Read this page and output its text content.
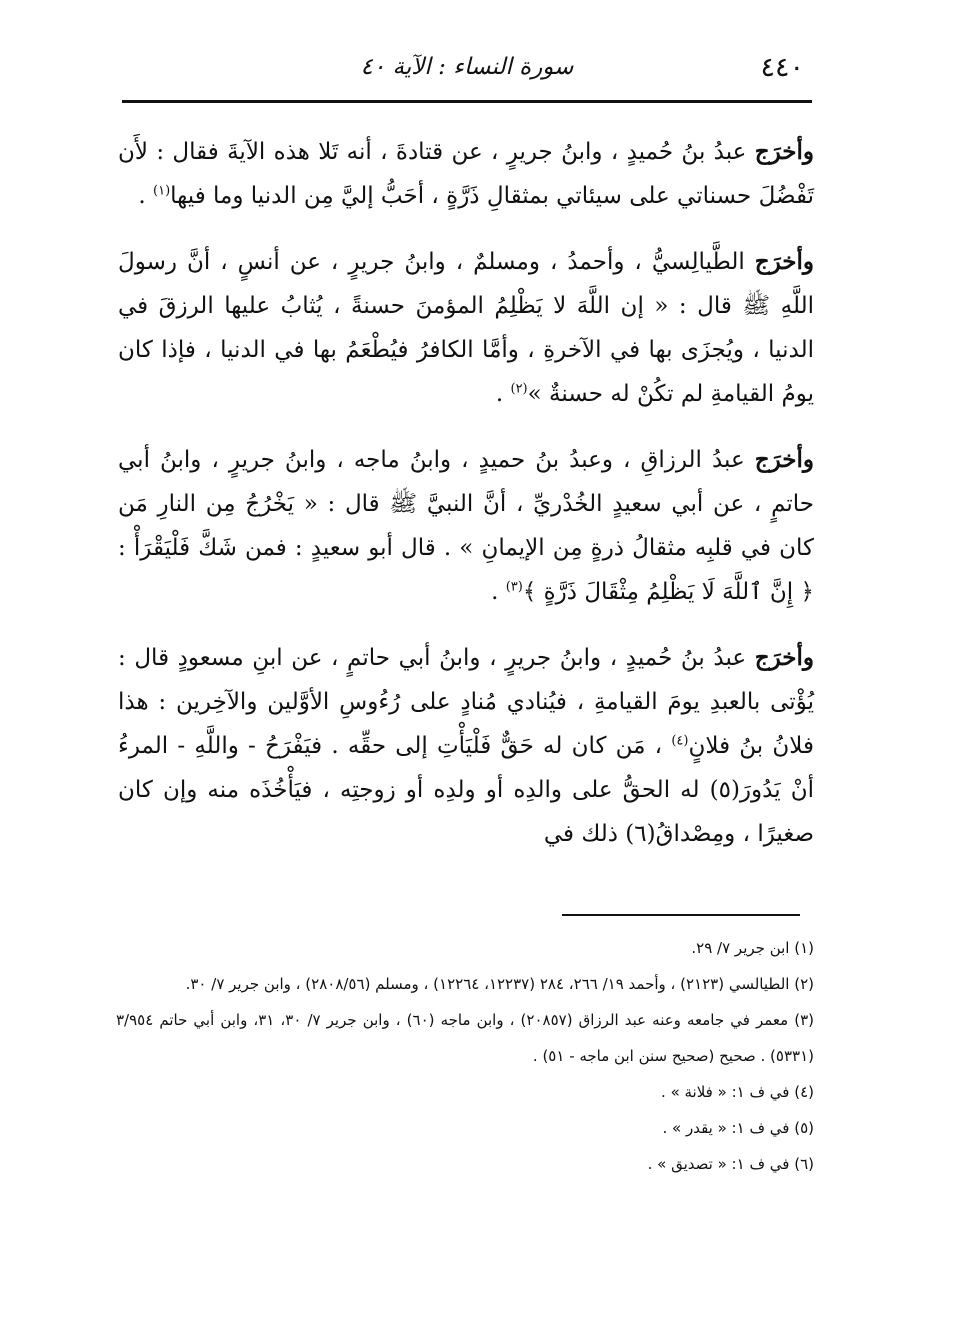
٤٤٠
سورة النساء : الآية ٤٠

وأخرَج عبدُ بنُ حُميدٍ ، وابنُ جريرٍ ، عن قتادةَ ، أنه تَلا هذه الآيةَ فقال : لأَن تَفْضُلَ حسناتي على سيئاتي بمثقالِ ذَرَّةٍ ، أحَبُّ إليَّ مِن الدنيا وما فيها$^{(١)}$ .

وأخرَج الطَّيالِسيُّ ، وأحمدُ ، ومسلمٌ ، وابنُ جريرٍ ، عن أنسٍ ، أنَّ رسولَ اللَّهِ ﷺ قال : « إن اللَّهَ لا يَظْلِمُ المؤمنَ حسنةً ، يُثابُ عليها الرزقَ في الدنيا ، ويُجزَى بها في الآخرةِ ، وأمَّا الكافرُ فيُطْعَمُ بها في الدنيا ، فإذا كان يومُ القيامةِ لم تكُنْ له حسنةٌ »$^{(٢)}$ .

وأخرَج عبدُ الرزاقِ ، وعبدُ بنُ حميدٍ ، وابنُ ماجه ، وابنُ جريرٍ ، وابنُ أبي حاتمٍ ، عن أبي سعيدٍ الخُدْريِّ ، أنَّ النبيَّ ﷺ قال : « يَخْرُجُ مِن النارِ مَن كان في قلبِه مثقالُ ذرةٍ مِن الإيمانِ » . قال أبو سعيدٍ : فمن شَكَّ فَلْيَقْرَأْ : ﴿ إِنَّ ٱللَّهَ لَا يَظْلِمُ مِثْقَالَ ذَرَّةٍ ﴾$^{(٣)}$ .

وأخرَج عبدُ بنُ حُميدٍ ، وابنُ جريرٍ ، وابنُ أبي حاتمٍ ، عن ابنِ مسعودٍ قال : يُؤْتى بالعبدِ يومَ القيامةِ ، فيُنادي مُنادٍ على رُءُوسِ الأوَّلين والآخِرين : هذا فلانُ بنُ فلانٍ$^{(٤)}$ ، مَن كان له حَقٌّ فَلْيَأْتِ إلى حقِّه . فيَفْرَحُ - واللَّهِ - المرءُ أنْ يَدُورَ(٥) له الحقُّ على والدِه أو ولدِه أو زوجتِه ، فيَأْخُذَه منه وإن كان صغيرًا ، ومِصْداقُ(٦) ذلك في

(١) ابن جرير ٧/ ٢٩.

(٢) الطيالسي (٢١٢٣) ، وأحمد ١٩/ ٢٦٦، ٢٨٤ (١٢٢٣٧، ١٢٢٦٤) ، ومسلم (٢٨٠٨/٥٦) ، وابن جرير ٧/ ٣٠.

(٣) معمر في جامعه وعنه عبد الرزاق (٢٠٨٥٧) ، وابن ماجه (٦٠) ، وابن جرير ٧/ ٣٠، ٣١، وابن أبي حاتم ٣/٩٥٤ (٥٣٣١) . صحيح (صحيح سنن ابن ماجه - ٥١) .

(٤) في ف ١: « فلانة » .

(٥) في ف ١: « يقدر » .

(٦) في ف ١: « تصديق » .
